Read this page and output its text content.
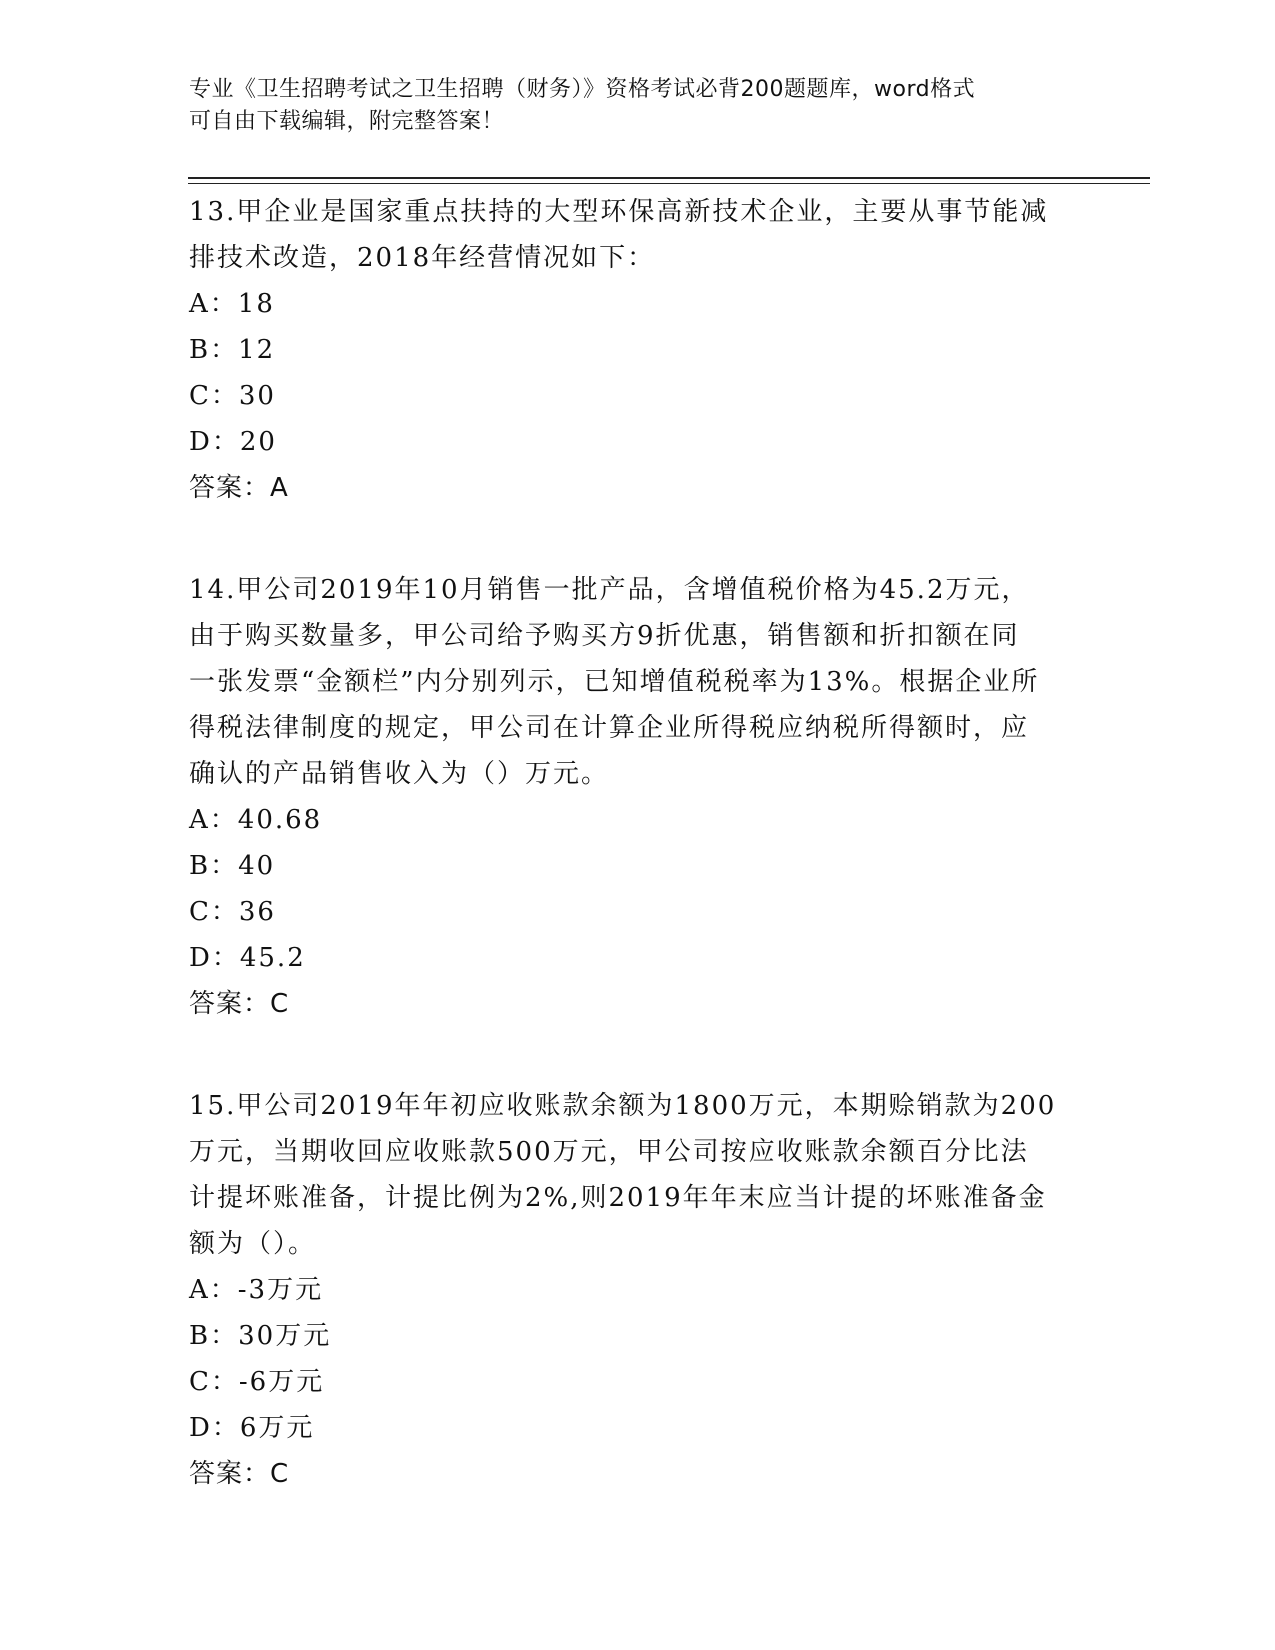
专业《卫生招聘考试之卫生招聘（财务）》资格考试必背200题题库，word格式
可自由下载编辑，附完整答案！

13.甲企业是国家重点扶持的大型环保高新技术企业，主要从事节能减

排技术改造，2018年经营情况如下：

A：18

B：12

C：30

D：20

答案：A

14.甲公司2019年10月销售一批产品，含增值税价格为45.2万元，

由于购买数量多，甲公司给予购买方9折优惠，销售额和折扣额在同

一张发票“金额栏”内分别列示，已知增值税税率为13%。根据企业所

得税法律制度的规定，甲公司在计算企业所得税应纳税所得额时，应

确认的产品销售收入为（）万元。

A：40.68

B：40

C：36

D：45.2

答案：C

15.甲公司2019年年初应收账款余额为1800万元，本期赊销款为200

万元，当期收回应收账款500万元，甲公司按应收账款余额百分比法

计提坏账准备，计提比例为2%,则2019年年末应当计提的坏账准备金

额为（）。

A：-3万元

B：30万元

C：-6万元

D：6万元

答案：C
